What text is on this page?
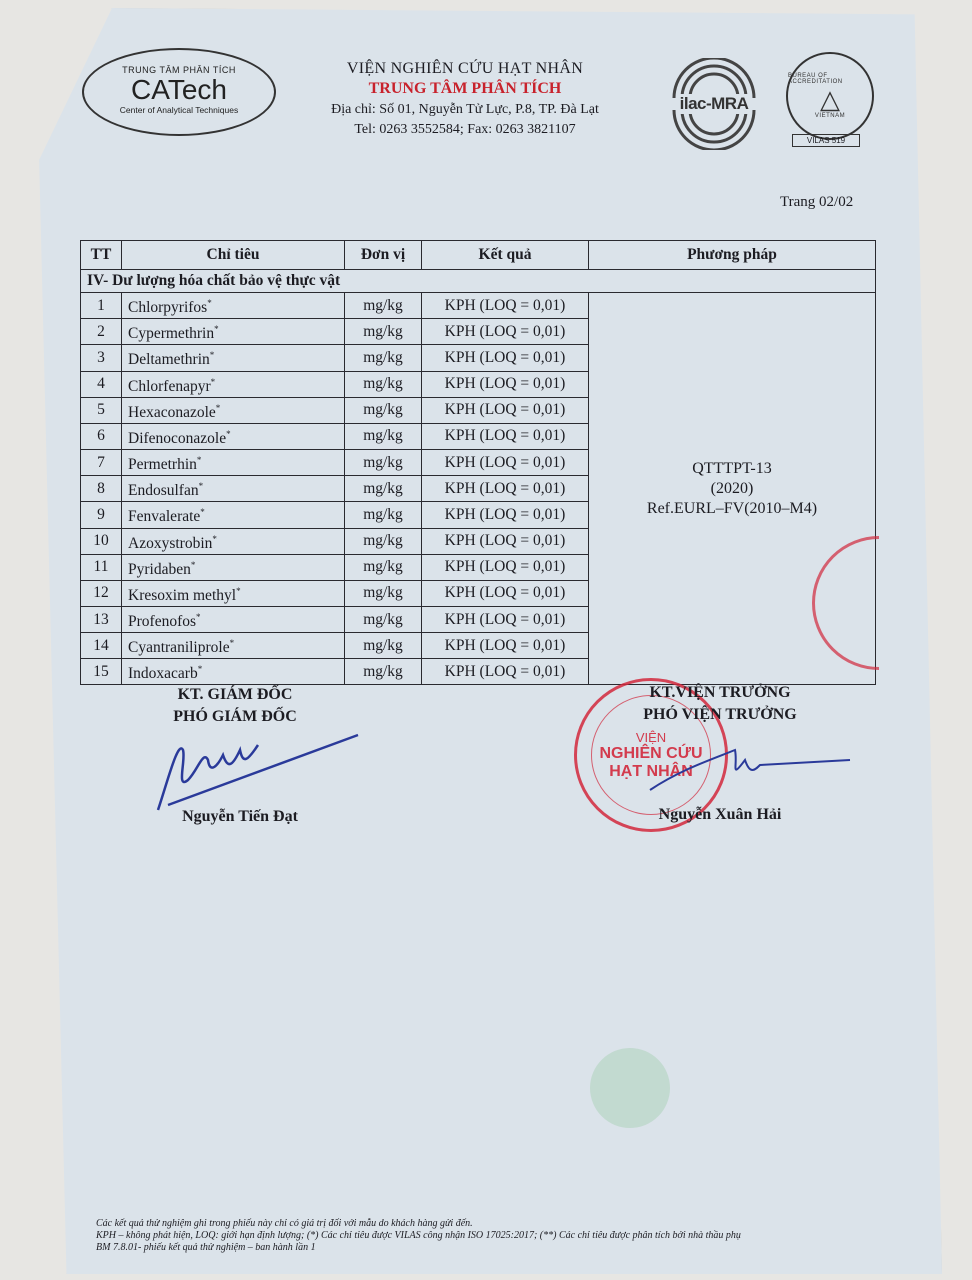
TRUNG TÂM PHÂN TÍCH
CATech
Center of Analytical Techniques
VIỆN NGHIÊN CỨU HẠT NHÂN
TRUNG TÂM PHÂN TÍCH
Địa chỉ: Số 01, Nguyễn Tử Lực, P.8, TP. Đà Lạt
Tel: 0263 3552584; Fax: 0263 3821107
ilac-MRA
BUREAU OF ACCREDITATION
△
VIETNAM
VILAS 519
Trang 02/02
TT	Chỉ tiêu	Đơn vị	Kết quả	Phương pháp
IV- Dư lượng hóa chất bảo vệ thực vật				
1	Chlorpyrifos*	mg/kg	KPH (LOQ = 0,01)	QTTTPT-13
(2020)
Ref.EURL–FV(2010–M4)

2	Cypermethrin*	mg/kg	KPH (LOQ = 0,01)	
3	Deltamethrin*	mg/kg	KPH (LOQ = 0,01)	
4	Chlorfenapyr*	mg/kg	KPH (LOQ = 0,01)	
5	Hexaconazole*	mg/kg	KPH (LOQ = 0,01)	
6	Difenoconazole*	mg/kg	KPH (LOQ = 0,01)	
7	Permetrhin*	mg/kg	KPH (LOQ = 0,01)	
8	Endosulfan*	mg/kg	KPH (LOQ = 0,01)	
9	Fenvalerate*	mg/kg	KPH (LOQ = 0,01)	
10	Azoxystrobin*	mg/kg	KPH (LOQ = 0,01)	
11	Pyridaben*	mg/kg	KPH (LOQ = 0,01)	
12	Kresoxim methyl*	mg/kg	KPH (LOQ = 0,01)	
13	Profenofos*	mg/kg	KPH (LOQ = 0,01)	
14	Cyantraniliprole*	mg/kg	KPH (LOQ = 0,01)	
15	Indoxacarb*	mg/kg	KPH (LOQ = 0,01)	
KT. GIÁM ĐỐC
PHÓ GIÁM ĐỐC
Nguyễn Tiến Đạt
VIỆN
NGHIÊN CỨU
HẠT NHÂN
KT.VIỆN TRƯỞNG
PHÓ VIỆN TRƯỞNG
Nguyễn Xuân Hải
Các kết quả thử nghiệm ghi trong phiếu này chỉ có giá trị đối với mẫu do khách hàng gửi đến.
KPH – không phát hiện, LOQ: giới hạn định lượng; (*) Các chỉ tiêu được VILAS công nhận ISO 17025:2017; (**) Các chỉ tiêu được phân tích bởi nhà thầu phụ
BM 7.8.01- phiếu kết quả thử nghiệm – ban hành lần 1
